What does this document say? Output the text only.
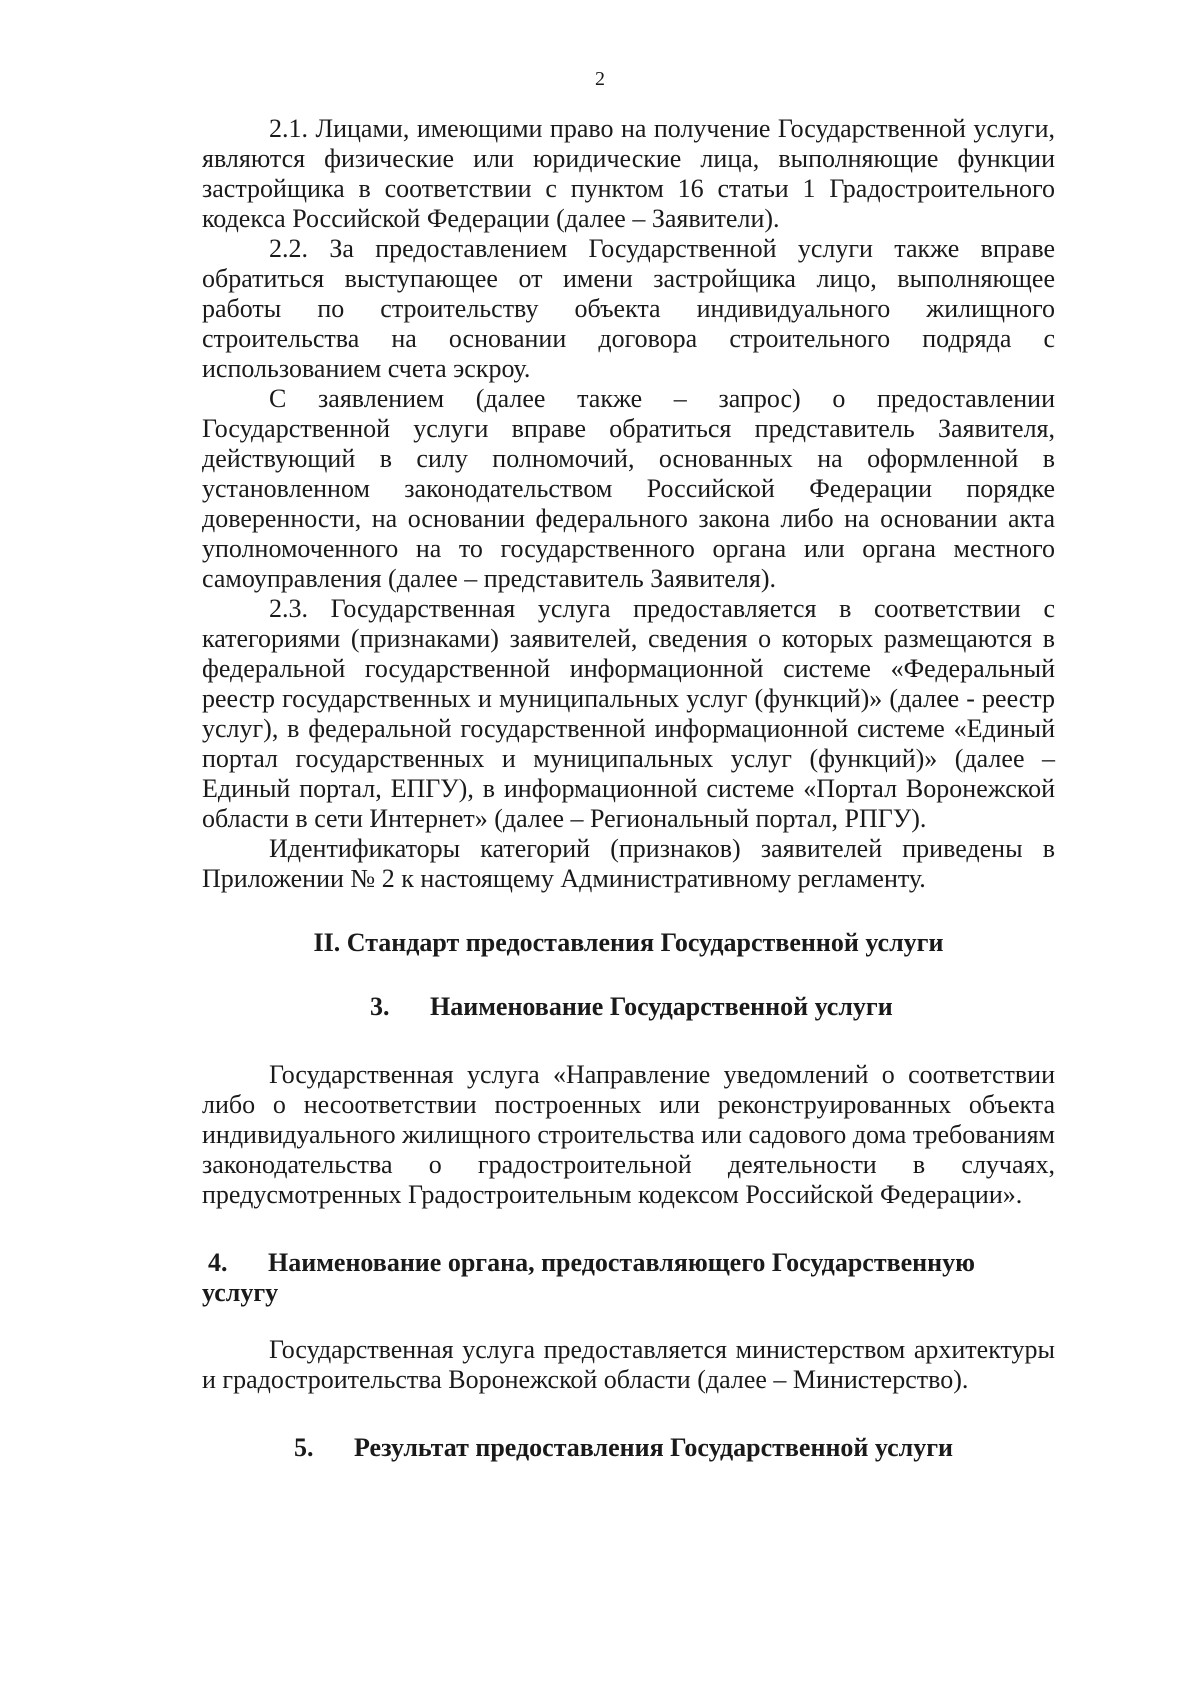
2

2.1. Лицами, имеющими право на получение Государственной услуги, являются физические или юридические лица, выполняющие функции застройщика в соответствии с пунктом 16 статьи 1 Градостроительного кодекса Российской Федерации (далее – Заявители).

2.2. За предоставлением Государственной услуги также вправе обратиться выступающее от имени застройщика лицо, выполняющее работы по строительству объекта индивидуального жилищного строительства на основании договора строительного подряда с использованием счета эскроу.

С заявлением (далее также – запрос) о предоставлении Государственной услуги вправе обратиться представитель Заявителя, действующий в силу полномочий, основанных на оформленной в установленном законодательством Российской Федерации порядке доверенности, на основании федерального закона либо на основании акта уполномоченного на то государственного органа или органа местного самоуправления (далее – представитель Заявителя).

2.3. Государственная услуга предоставляется в соответствии с категориями (признаками) заявителей, сведения о которых размещаются в федеральной государственной информационной системе «Федеральный реестр государственных и муниципальных услуг (функций)» (далее - реестр услуг), в федеральной государственной информационной системе «Единый портал государственных и муниципальных услуг (функций)» (далее – Единый портал, ЕПГУ), в информационной системе «Портал Воронежской области в сети Интернет» (далее – Региональный портал, РПГУ).

Идентификаторы категорий (признаков) заявителей приведены в Приложении № 2 к настоящему Административному регламенту.

II. Стандарт предоставления Государственной услуги

3. Наименование Государственной услуги

Государственная услуга «Направление уведомлений о соответствии либо о несоответствии построенных или реконструированных объекта индивидуального жилищного строительства или садового дома требованиям законодательства о градостроительной деятельности в случаях, предусмотренных Градостроительным кодексом Российской Федерации».

4. Наименование органа, предоставляющего Государственную услугу

Государственная услуга предоставляется министерством архитектуры и градостроительства Воронежской области (далее – Министерство).

5. Результат предоставления Государственной услуги
